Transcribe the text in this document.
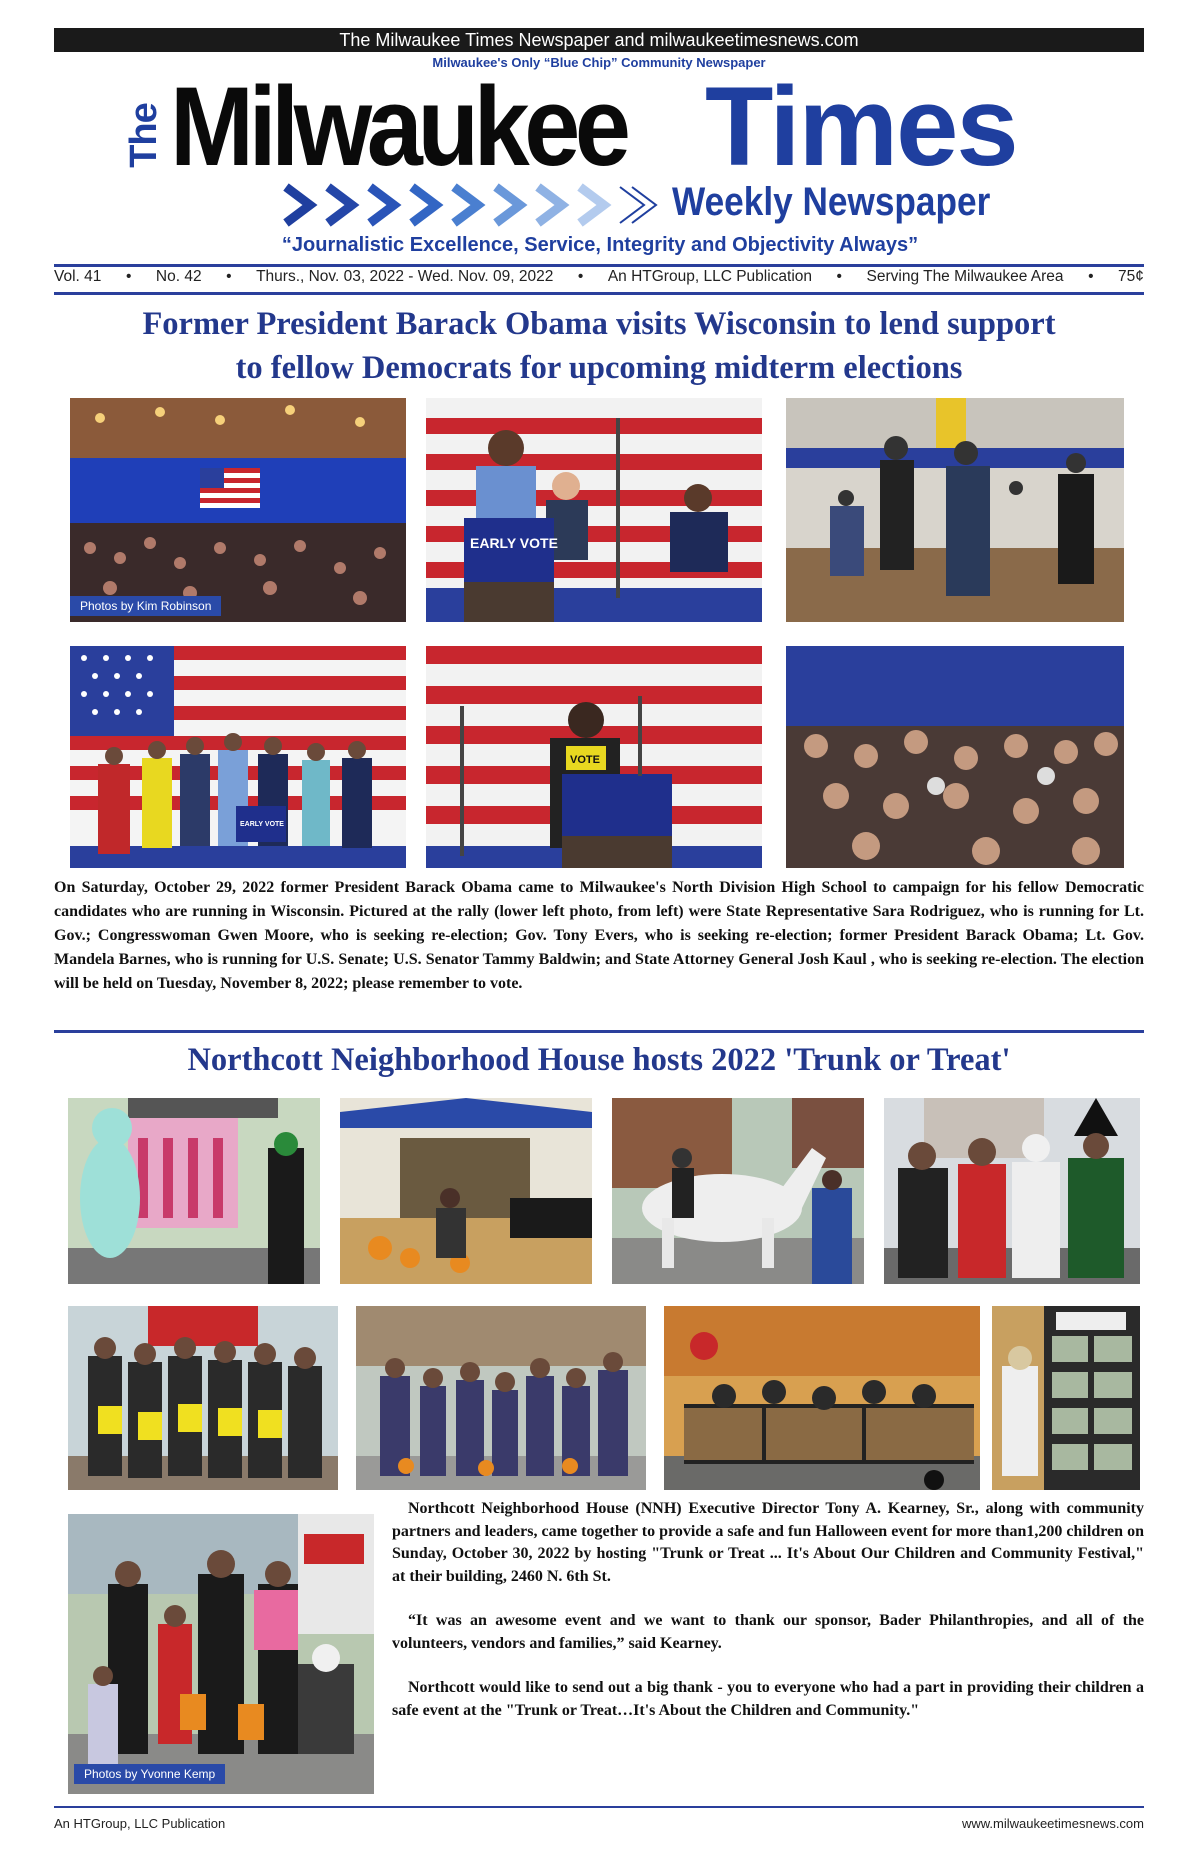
The Milwaukee Times Newspaper and milwaukeetimesnews.com
Milwaukee's Only “Blue Chip” Community Newspaper
The Milwaukee Times
Weekly Newspaper
“Journalistic Excellence, Service, Integrity and Objectivity Always”
Vol. 41 • No. 42 • Thurs., Nov. 03, 2022 - Wed. Nov. 09, 2022 • An HTGroup, LLC Publication • Serving The Milwaukee Area • 75¢
Former President Barack Obama visits Wisconsin to lend support
to fellow Democrats for upcoming midterm elections
Photos by Kim Robinson
EARLY VOTE
EARLY VOTE
VOTE
On Saturday, October 29, 2022 former President Barack Obama came to Milwaukee's North Division High School to campaign for his fellow Democratic candidates who are running in Wisconsin. Pictured at the rally (lower left photo, from left) were State Representative Sara Rodriguez, who is running for Lt. Gov.; Congresswoman Gwen Moore, who is seeking re-election; Gov. Tony Evers, who is seeking re-election; former President Barack Obama; Lt. Gov. Mandela Barnes, who is running for U.S. Senate; U.S. Senator Tammy Baldwin; and State Attorney General Josh Kaul , who is seeking re-election. The election will be held on Tuesday, November 8, 2022; please remember to vote.
Northcott Neighborhood House hosts 2022 'Trunk or Treat'
Photos by Yvonne Kemp

Northcott Neighborhood House (NNH) Executive Director Tony A. Kearney, Sr., along with community partners and leaders, came together to provide a safe and fun Halloween event for more than1,200 children on Sunday, October 30, 2022 by hosting "Trunk or Treat ... It's About Our Children and Community Festival," at their building, 2460 N. 6th St.

“It was an awesome event and we want to thank our sponsor, Bader Philanthropies, and all of the volunteers, vendors and families,” said Kearney.

Northcott would like to send out a big thank - you to everyone who had a part in providing their children a safe event at the "Trunk or Treat…It's About the Children and Community."

An HTGroup, LLC Publication	www.milwaukeetimesnews.com
